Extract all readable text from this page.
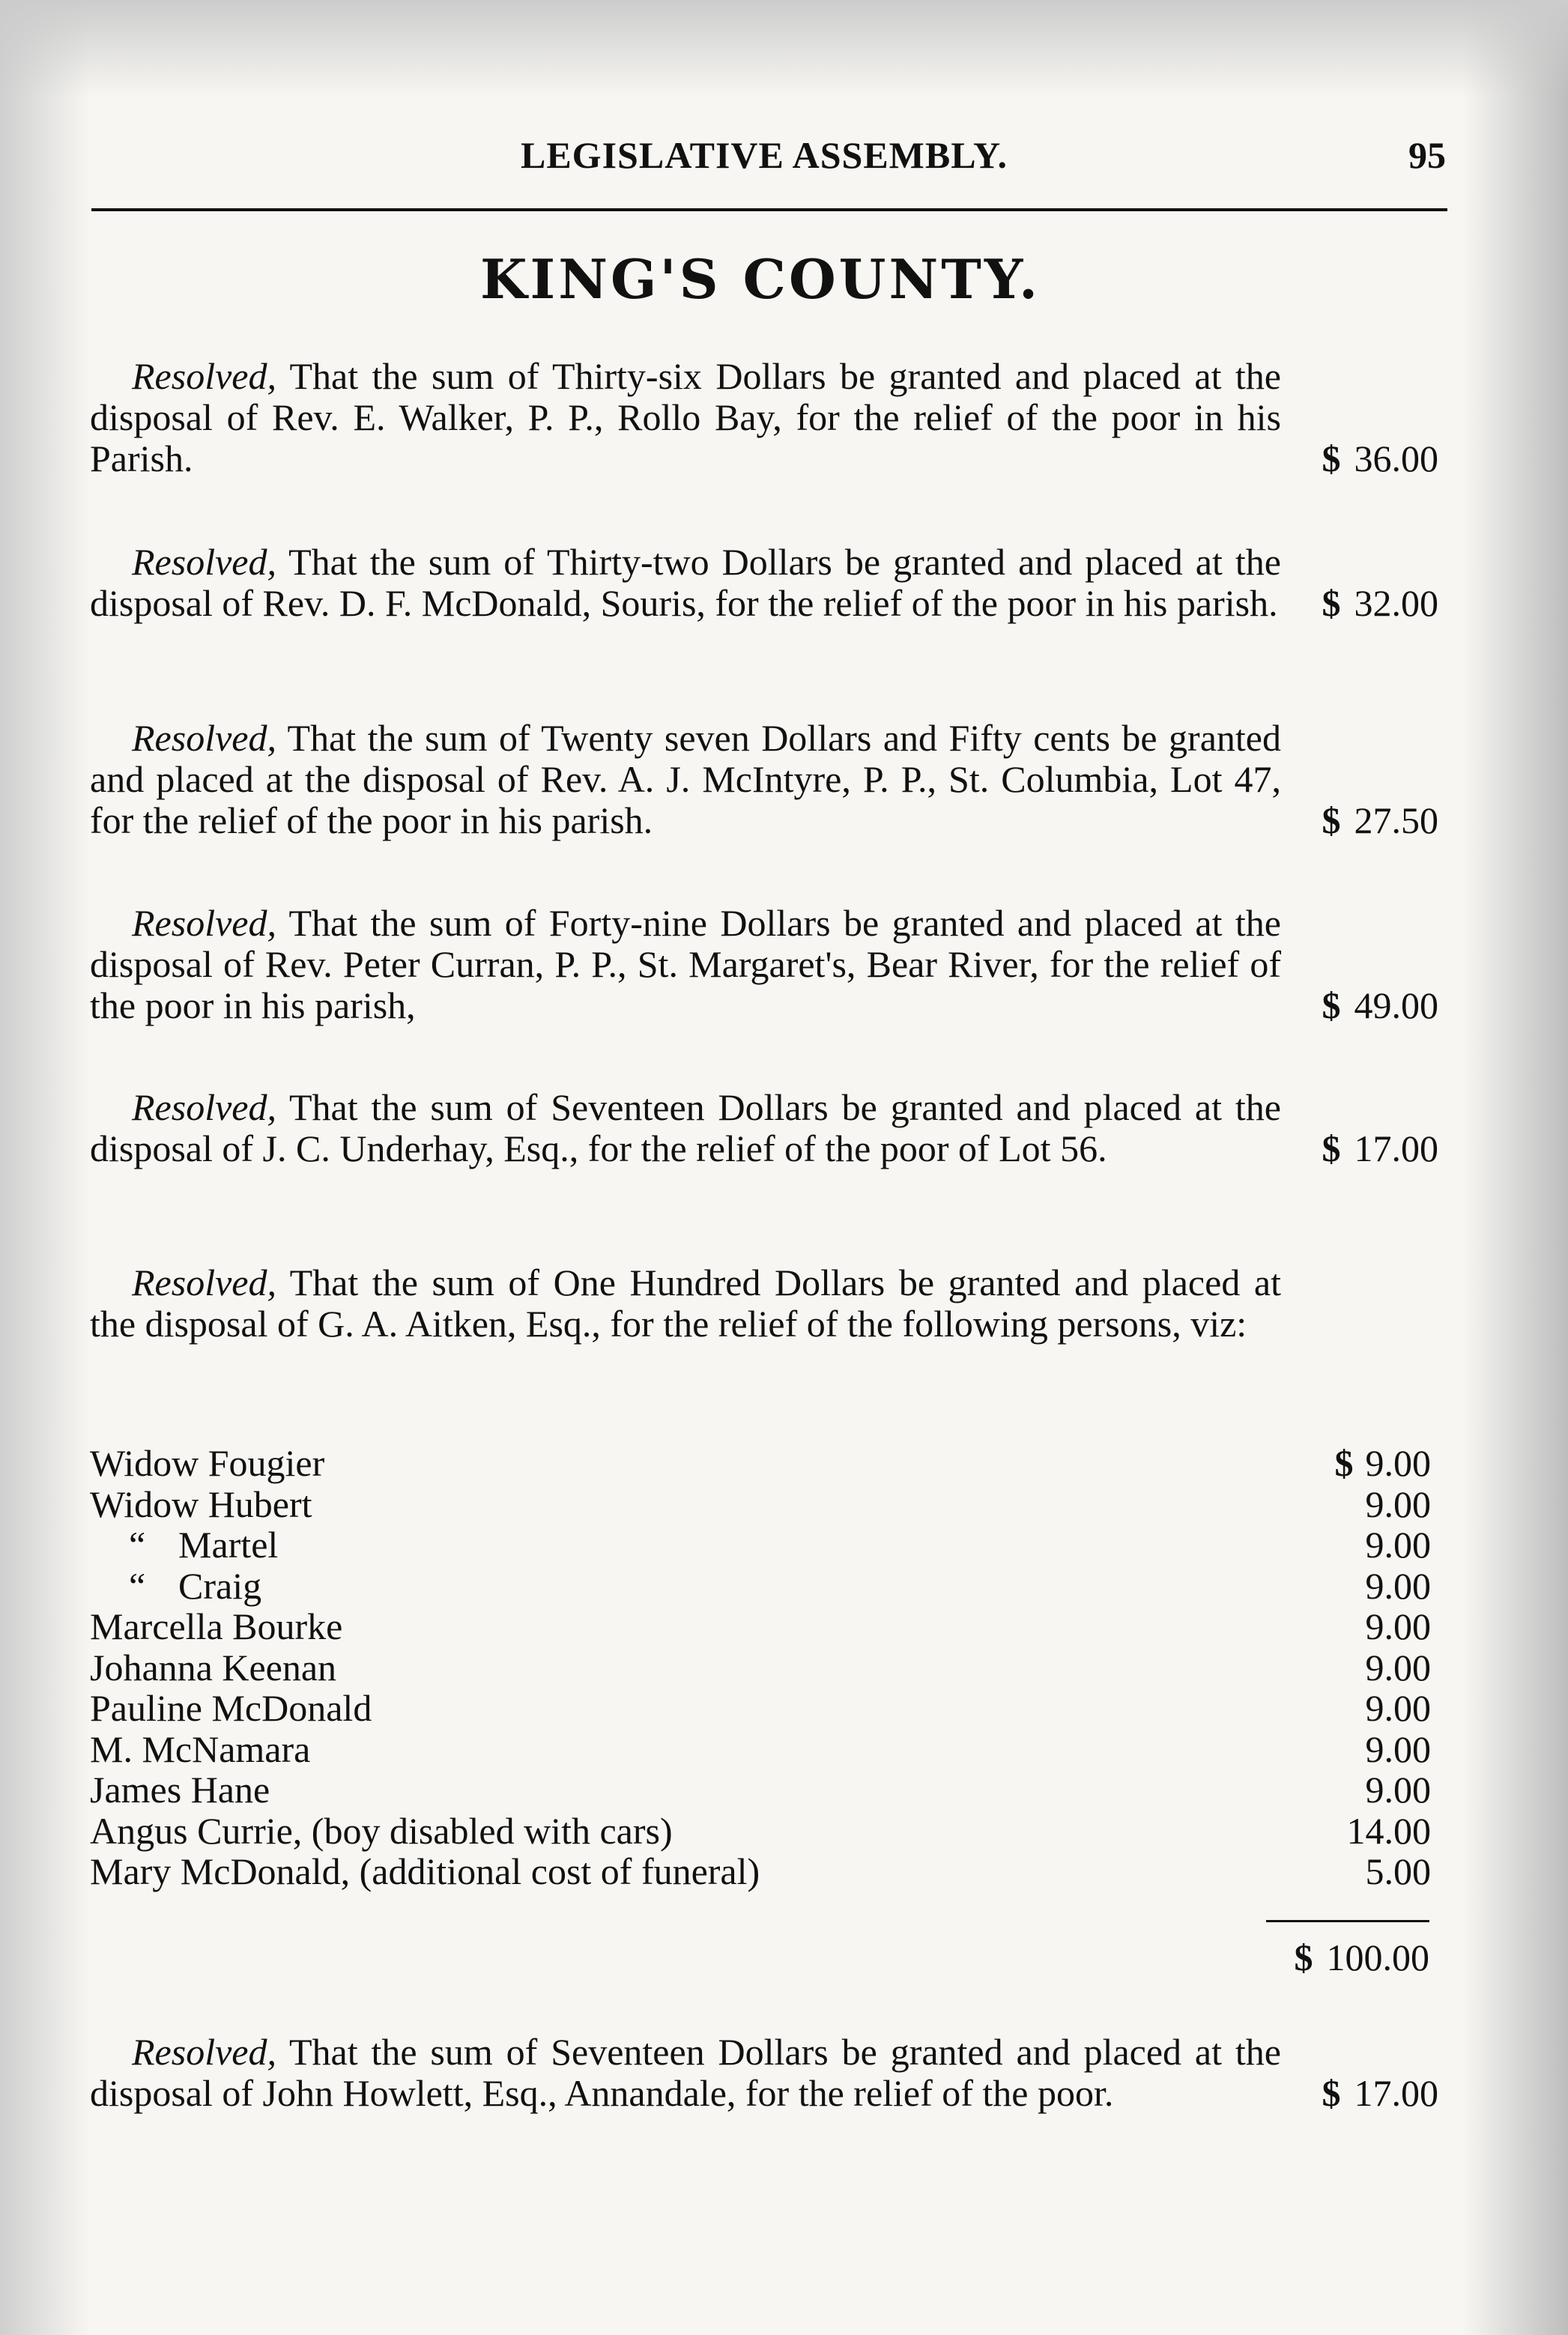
LEGISLATIVE ASSEMBLY.	95
KING'S COUNTY.
Resolved, That the sum of Thirty-six Dollars be granted and placed at the disposal of Rev. E. Walker, P. P., Rollo Bay, for the relief of the poor in his Parish.	$ 36.00
Resolved, That the sum of Thirty-two Dollars be granted and placed at the disposal of Rev. D. F. McDonald, Souris, for the relief of the poor in his parish. $ 32.00
Resolved, That the sum of Twenty seven Dollars and Fifty cents be granted and placed at the disposal of Rev. A. J. McIntyre, P. P., St. Columbia, Lot 47, for the relief of the poor in his parish.	$ 27.50
Resolved, That the sum of Forty-nine Dollars be granted and placed at the disposal of Rev. Peter Curran, P. P., St. Margaret's, Bear River, for the relief of the poor in his parish,	$ 49.00
Resolved, That the sum of Seventeen Dollars be granted and placed at the disposal of J. C. Underhay, Esq., for the relief of the poor of Lot 56.	$ 17.00
Resolved, That the sum of One Hundred Dollars be granted and placed at the disposal of G. A. Aitken, Esq., for the relief of the following persons, viz:
Widow Fougier	$ 9.00
Widow Hubert	9.00
“ Martel	9.00
“ Craig	9.00
Marcella Bourke	9.00
Johanna Keenan	9.00
Pauline McDonald	9.00
M. McNamara	9.00
James Hane	9.00
Angus Currie, (boy disabled with cars)	14.00
Mary McDonald, (additional cost of funeral)	5.00
$ 100.00
Resolved, That the sum of Seventeen Dollars be granted and placed at the disposal of John Howlett, Esq., Annandale, for the relief of the poor.	$ 17.00
